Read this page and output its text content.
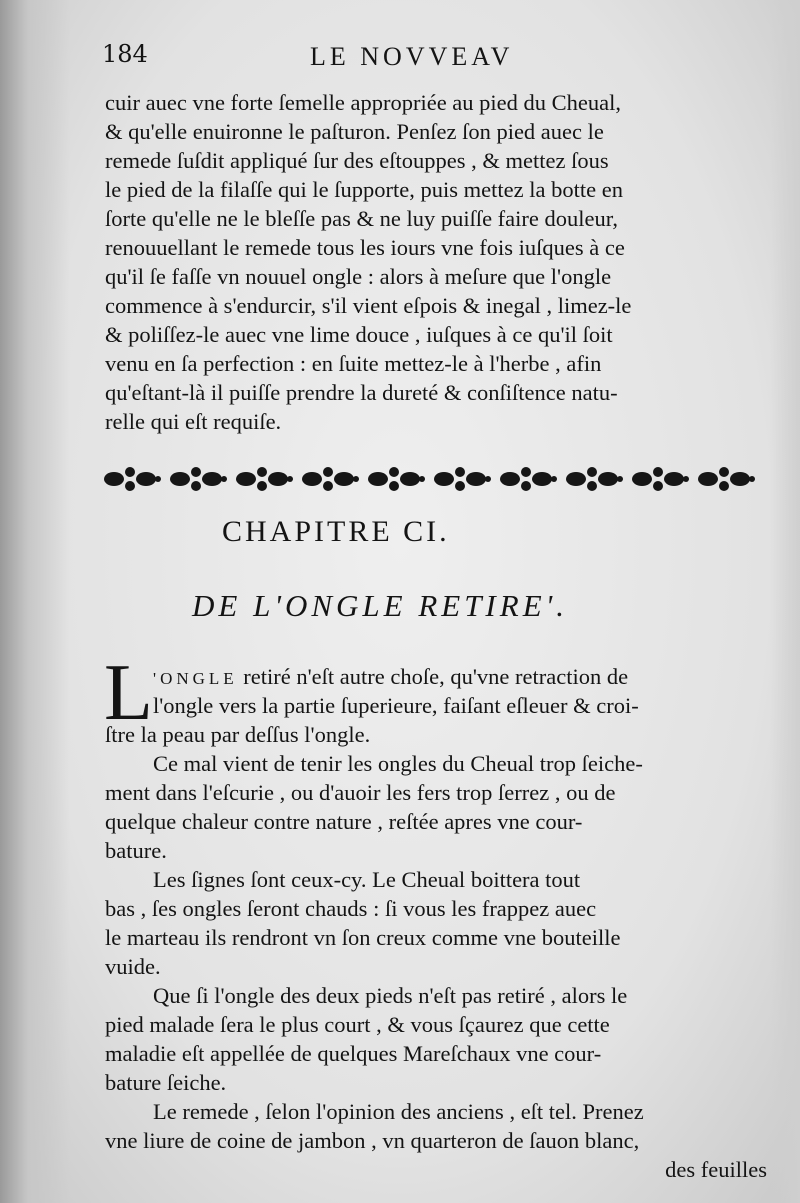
184	LE NOVVEAV
cuir auec vne forte ſemelle appropriée au pied du Cheual,
& qu'elle enuironne le paſturon. Penſez ſon pied auec le
remede ſuſdit appliqué ſur des eſtouppes , & mettez ſous
le pied de la filaſſe qui le ſupporte, puis mettez la botte en
ſorte qu'elle ne le bleſſe pas & ne luy puiſſe faire douleur,
renouuellant le remede tous les iours vne fois iuſques à ce
qu'il ſe faſſe vn nouuel ongle : alors à meſure que l'ongle
commence à s'endurcir, s'il vient eſpois & inegal , limez-le
& poliſſez-le auec vne lime douce , iuſques à ce qu'il ſoit
venu en ſa perfection : en ſuite mettez-le à l'herbe , afin
qu'eſtant-là il puiſſe prendre la dureté & conſiſtence natu-
relle qui eſt requiſe.
CHAPITRE CI.
DE L'ONGLE RETIRE'.
L 'ONGLE retiré n'eſt autre choſe, qu'vne retraction de
l'ongle vers la partie ſuperieure, faiſant eſleuer & croi-
ſtre la peau par deſſus l'ongle.
Ce mal vient de tenir les ongles du Cheual trop ſeiche-
ment dans l'eſcurie , ou d'auoir les fers trop ſerrez , ou de
quelque chaleur contre nature , reſtée apres vne cour-
bature.
Les ſignes ſont ceux-cy. Le Cheual boittera tout
bas , ſes ongles ſeront chauds : ſi vous les frappez auec
le marteau ils rendront vn ſon creux comme vne bouteille
vuide.
Que ſi l'ongle des deux pieds n'eſt pas retiré , alors le
pied malade ſera le plus court , & vous ſçaurez que cette
maladie eſt appellée de quelques Mareſchaux vne cour-
bature ſeiche.
Le remede , ſelon l'opinion des anciens , eſt tel. Prenez
vne liure de coine de jambon , vn quarteron de ſauon blanc,
des feuilles
